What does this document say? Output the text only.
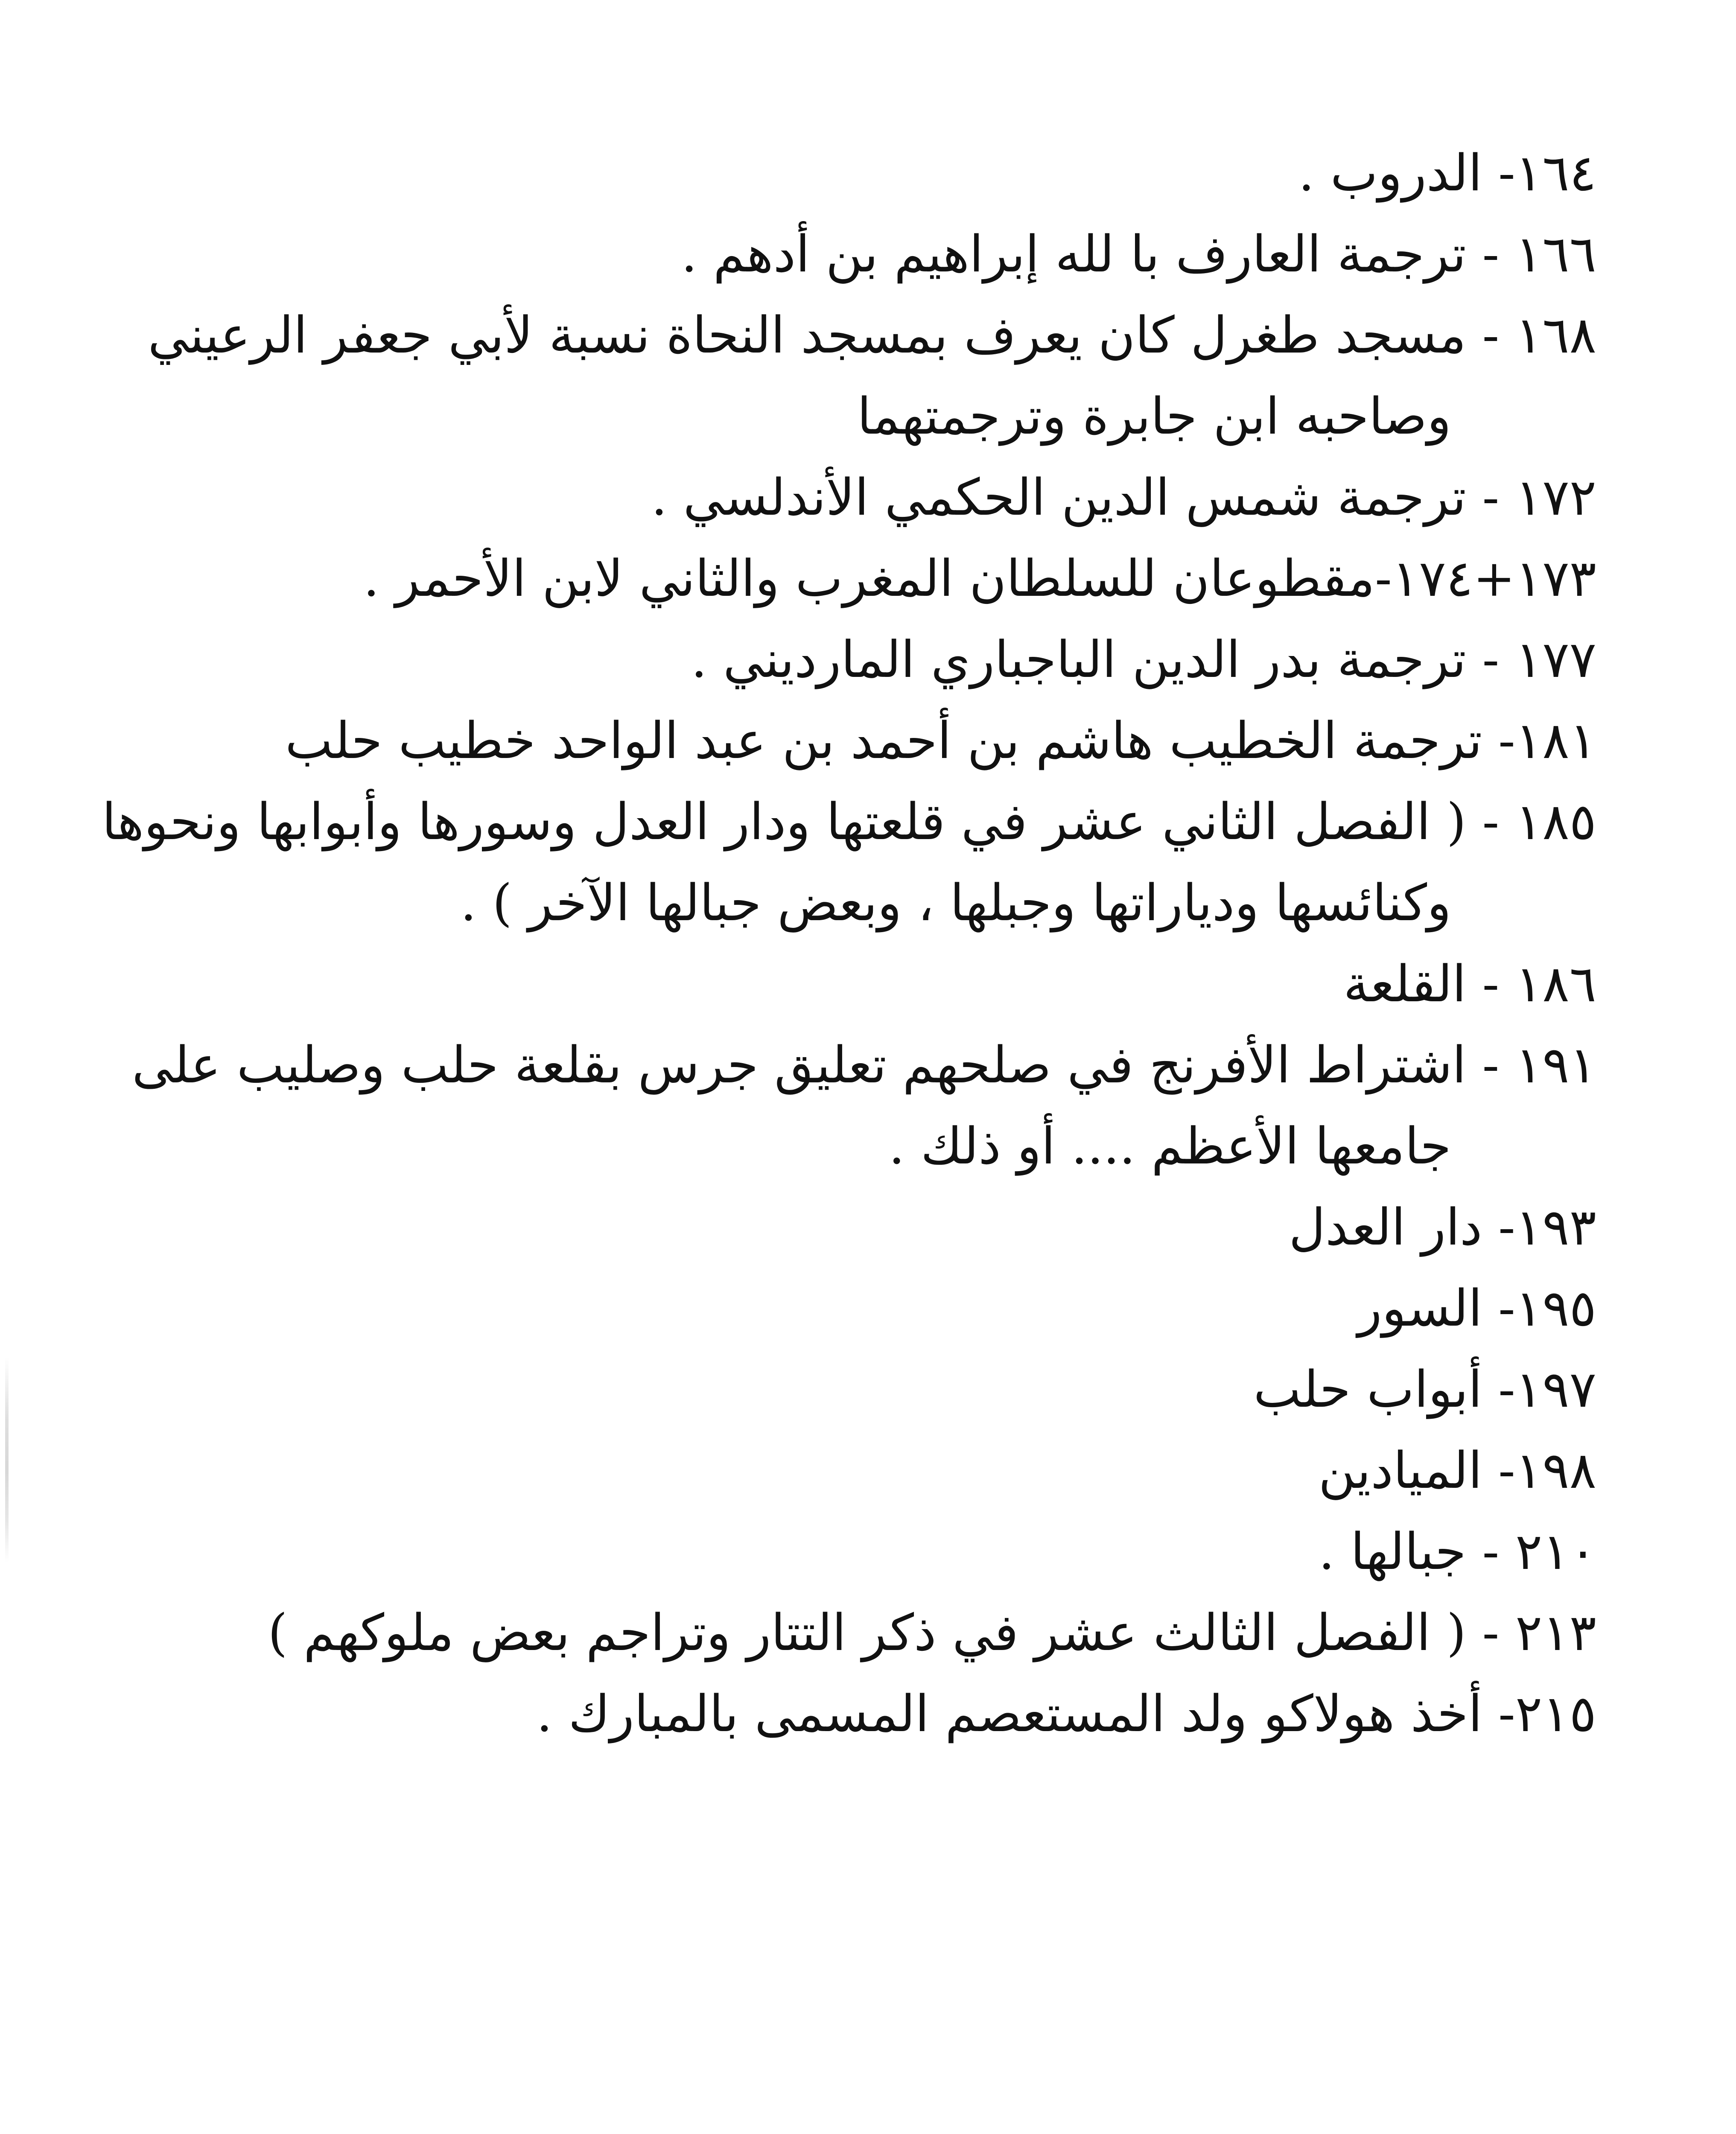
١٦٤- الدروب .

١٦٦ - ترجمة العارف با لله إبراهيم بن أدهم .

١٦٨ - مسجد طغرل كان يعرف بمسجد النحاة نسبة لأبي جعفر الرعيني

وصاحبه ابن جابرة وترجمتهما

١٧٢ - ترجمة شمس الدين الحكمي الأندلسي .

١٧٣+١٧٤-مقطوعان للسلطان المغرب والثاني لابن الأحمر .

١٧٧ - ترجمة بدر الدين الباجباري المارديني .

١٨١- ترجمة الخطيب هاشم بن أحمد بن عبد الواحد خطيب حلب

١٨٥ - ( الفصل الثاني عشر في قلعتها ودار العدل وسورها وأبوابها ونحوها

وكنائسها ودياراتها وجبلها ، وبعض جبالها الآخر ) .

١٨٦ - القلعة

١٩١ - اشتراط الأفرنج في صلحهم تعليق جرس بقلعة حلب وصليب على

جامعها الأعظم .... أو ذلك .

١٩٣- دار العدل

١٩٥- السور

١٩٧- أبواب حلب

١٩٨- الميادين

٢١٠ - جبالها .

٢١٣ - ( الفصل الثالث عشر في ذكر التتار وتراجم بعض ملوكهم )

٢١٥- أخذ هولاكو ولد المستعصم المسمى بالمبارك .
